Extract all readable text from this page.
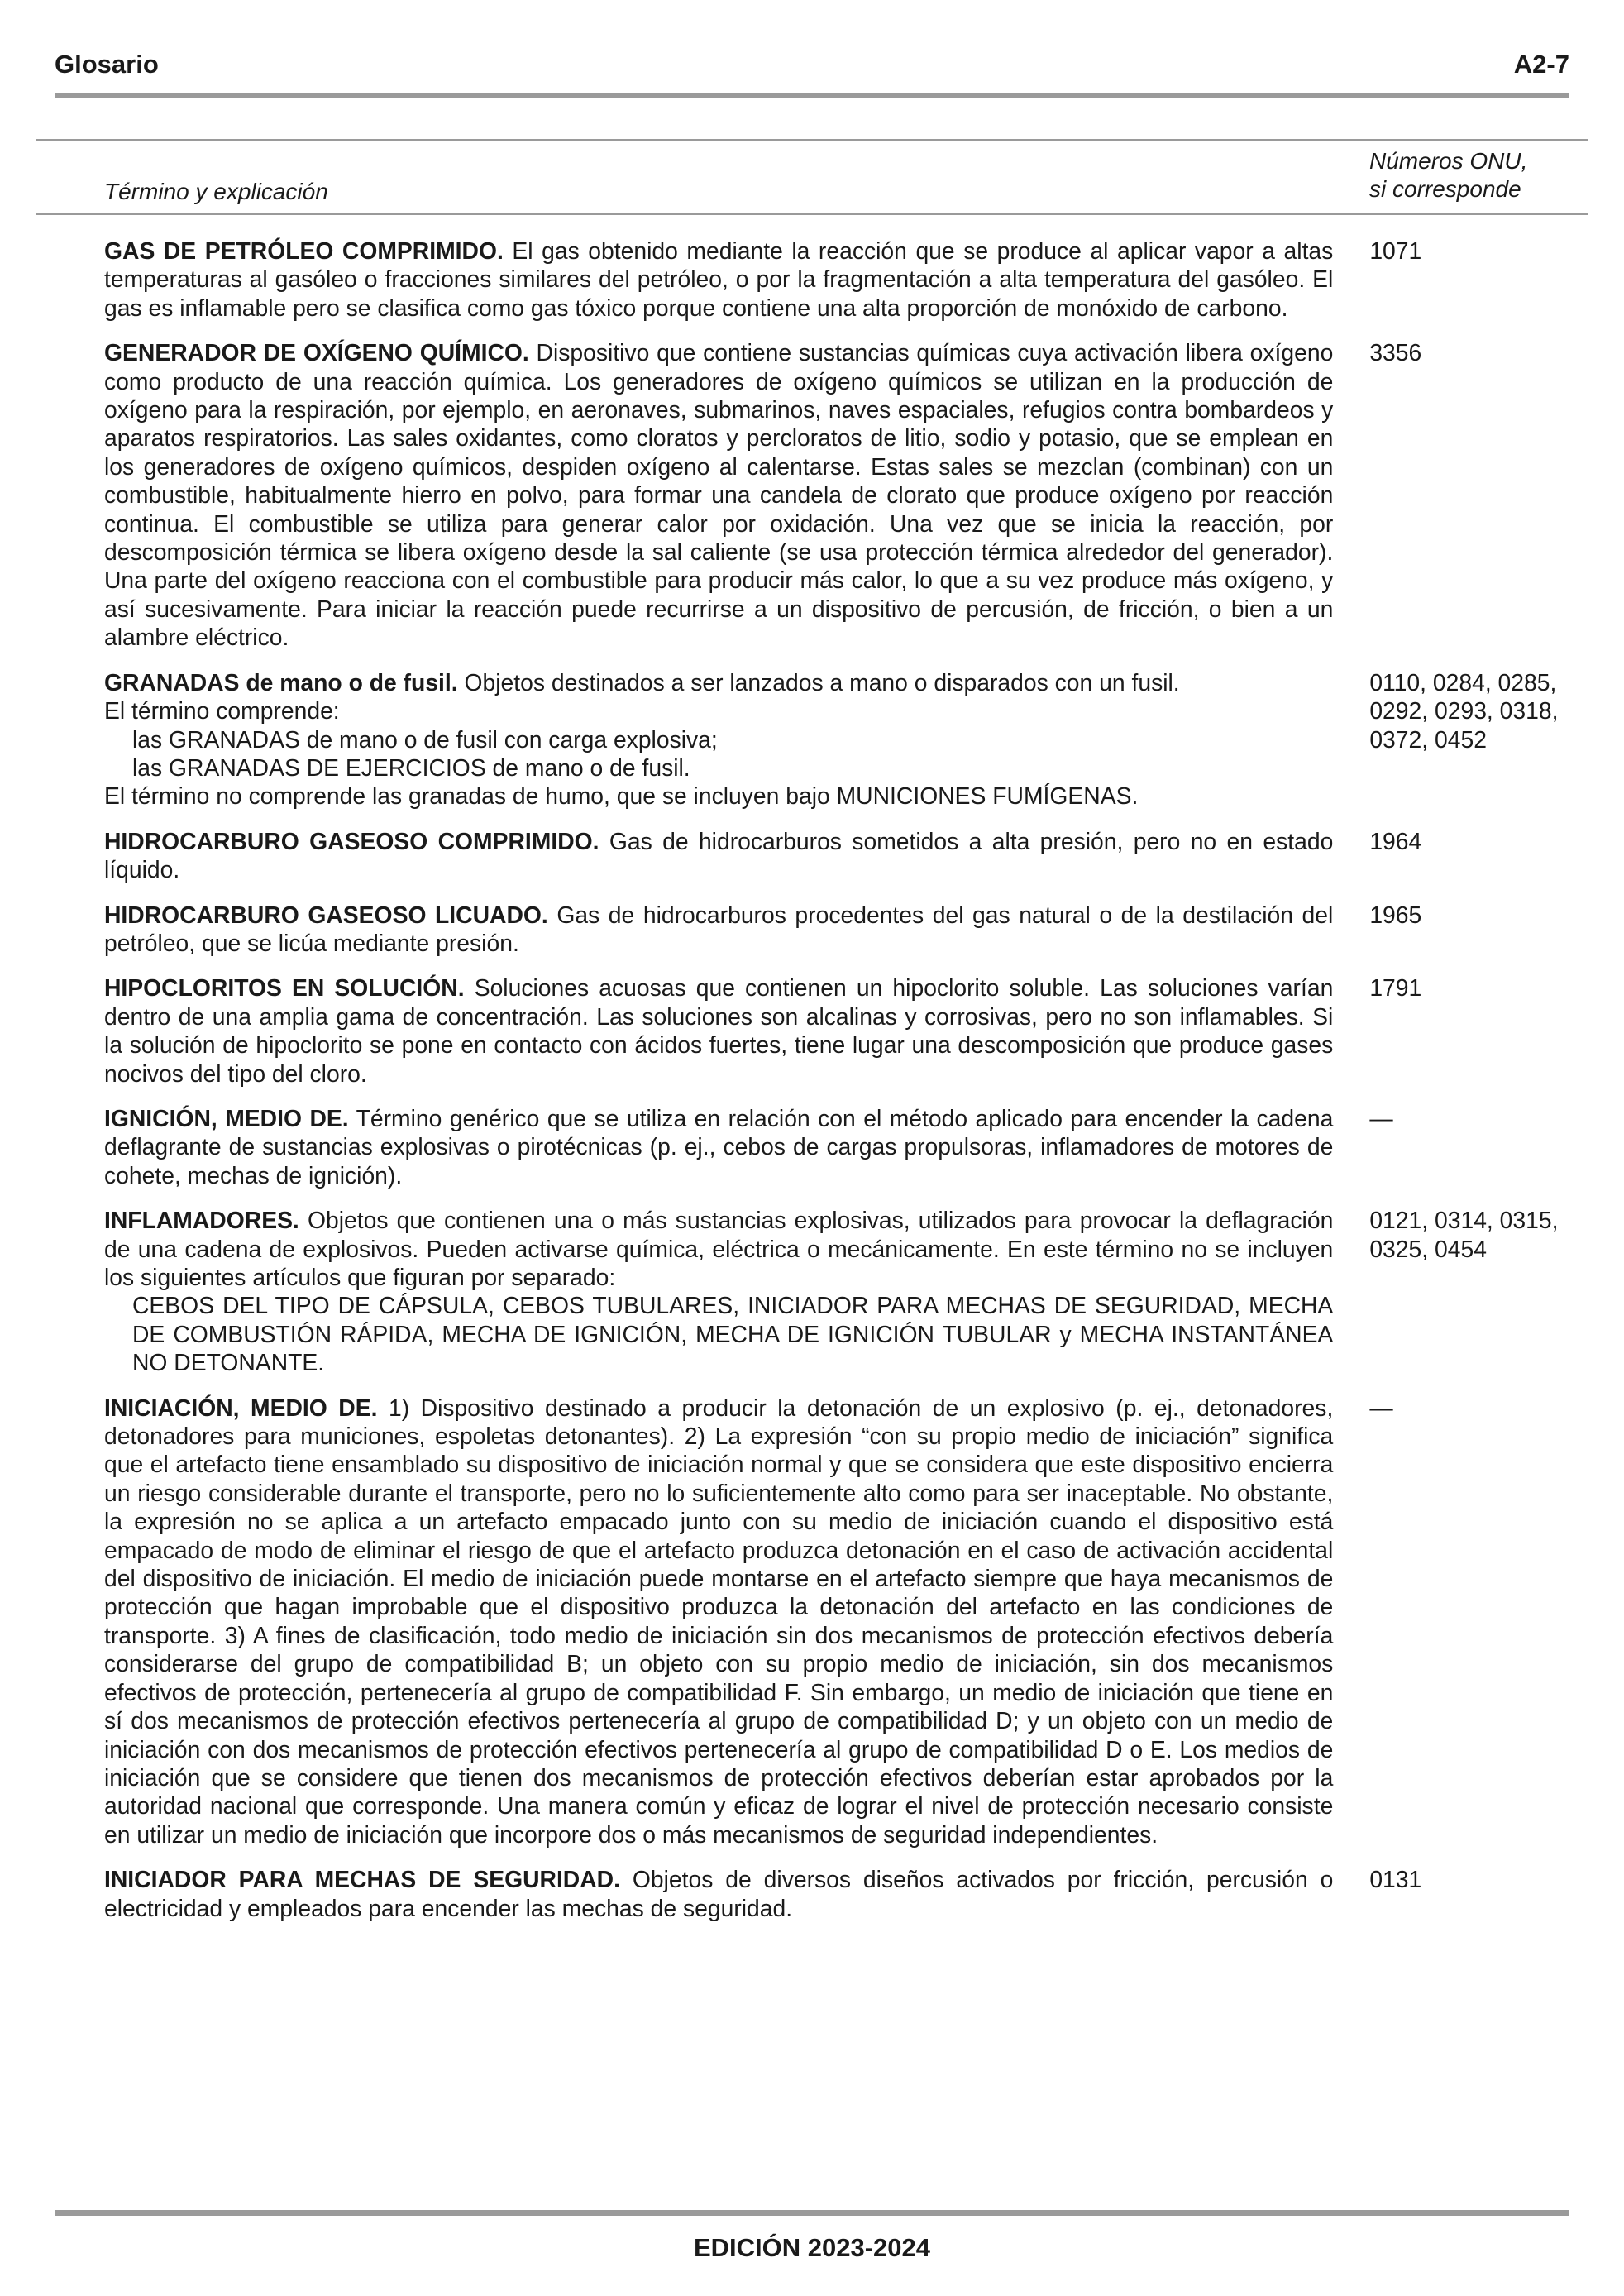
Glosario	A2-7
Término y explicación
Números ONU,
si corresponde
GAS DE PETRÓLEO COMPRIMIDO. El gas obtenido mediante la reacción que se produce al aplicar vapor a altas temperaturas al gasóleo o fracciones similares del petróleo, o por la fragmentación a alta temperatura del gasóleo. El gas es inflamable pero se clasifica como gas tóxico porque contiene una alta proporción de monóxido de carbono.
1071
GENERADOR DE OXÍGENO QUÍMICO. Dispositivo que contiene sustancias químicas cuya activación libera oxígeno como producto de una reacción química. Los generadores de oxígeno químicos se utilizan en la producción de oxígeno para la respiración, por ejemplo, en aeronaves, submarinos, naves espaciales, refugios contra bombardeos y aparatos respiratorios. Las sales oxidantes, como cloratos y percloratos de litio, sodio y potasio, que se emplean en los generadores de oxígeno químicos, despiden oxígeno al calentarse. Estas sales se mezclan (combinan) con un combustible, habitualmente hierro en polvo, para formar una candela de clorato que produce oxígeno por reacción continua. El combustible se utiliza para generar calor por oxidación. Una vez que se inicia la reacción, por descomposición térmica se libera oxígeno desde la sal caliente (se usa protección térmica alrededor del generador). Una parte del oxígeno reacciona con el combustible para producir más calor, lo que a su vez produce más oxígeno, y así sucesivamente. Para iniciar la reacción puede recurrirse a un dispositivo de percusión, de fricción, o bien a un alambre eléctrico.
3356
GRANADAS de mano o de fusil. Objetos destinados a ser lanzados a mano o disparados con un fusil.
El término comprende:
las GRANADAS de mano o de fusil con carga explosiva;
las GRANADAS DE EJERCICIOS de mano o de fusil.
El término no comprende las granadas de humo, que se incluyen bajo MUNICIONES FUMÍGENAS.
0110, 0284, 0285,
0292, 0293, 0318,
0372, 0452
HIDROCARBURO GASEOSO COMPRIMIDO. Gas de hidrocarburos sometidos a alta presión, pero no en estado líquido.
1964
HIDROCARBURO GASEOSO LICUADO. Gas de hidrocarburos procedentes del gas natural o de la destilación del petróleo, que se licúa mediante presión.
1965
HIPOCLORITOS EN SOLUCIÓN. Soluciones acuosas que contienen un hipoclorito soluble. Las soluciones varían dentro de una amplia gama de concentración. Las soluciones son alcalinas y corrosivas, pero no son inflamables. Si la solución de hipoclorito se pone en contacto con ácidos fuertes, tiene lugar una descomposición que produce gases nocivos del tipo del cloro.
1791
IGNICIÓN, MEDIO DE. Término genérico que se utiliza en relación con el método aplicado para encender la cadena deflagrante de sustancias explosivas o pirotécnicas (p. ej., cebos de cargas propulsoras, inflamadores de motores de cohete, mechas de ignición).
—
INFLAMADORES. Objetos que contienen una o más sustancias explosivas, utilizados para provocar la deflagración de una cadena de explosivos. Pueden activarse química, eléctrica o mecánicamente. En este término no se incluyen los siguientes artículos que figuran por separado:
CEBOS DEL TIPO DE CÁPSULA, CEBOS TUBULARES, INICIADOR PARA MECHAS DE SEGURIDAD, MECHA DE COMBUSTIÓN RÁPIDA, MECHA DE IGNICIÓN, MECHA DE IGNICIÓN TUBULAR y MECHA INSTANTÁNEA NO DETONANTE.
0121, 0314, 0315,
0325, 0454
INICIACIÓN, MEDIO DE. 1) Dispositivo destinado a producir la detonación de un explosivo (p. ej., detonadores, detonadores para municiones, espoletas detonantes). 2) La expresión “con su propio medio de iniciación” significa que el artefacto tiene ensamblado su dispositivo de iniciación normal y que se considera que este dispositivo encierra un riesgo considerable durante el transporte, pero no lo suficientemente alto como para ser inaceptable. No obstante, la expresión no se aplica a un artefacto empacado junto con su medio de iniciación cuando el dispositivo está empacado de modo de eliminar el riesgo de que el artefacto produzca detonación en el caso de activación accidental del dispositivo de iniciación. El medio de iniciación puede montarse en el artefacto siempre que haya mecanismos de protección que hagan improbable que el dispositivo produzca la detonación del artefacto en las condiciones de transporte. 3) A fines de clasificación, todo medio de iniciación sin dos mecanismos de protección efectivos debería considerarse del grupo de compatibilidad B; un objeto con su propio medio de iniciación, sin dos mecanismos efectivos de protección, pertenecería al grupo de compatibilidad F. Sin embargo, un medio de iniciación que tiene en sí dos mecanismos de protección efectivos pertenecería al grupo de compatibilidad D; y un objeto con un medio de iniciación con dos mecanismos de protección efectivos pertenecería al grupo de compatibilidad D o E. Los medios de iniciación que se considere que tienen dos mecanismos de protección efectivos deberían estar aprobados por la autoridad nacional que corresponde. Una manera común y eficaz de lograr el nivel de protección necesario consiste en utilizar un medio de iniciación que incorpore dos o más mecanismos de seguridad independientes.
—
INICIADOR PARA MECHAS DE SEGURIDAD. Objetos de diversos diseños activados por fricción, percusión o electricidad y empleados para encender las mechas de seguridad.
0131
EDICIÓN 2023-2024
